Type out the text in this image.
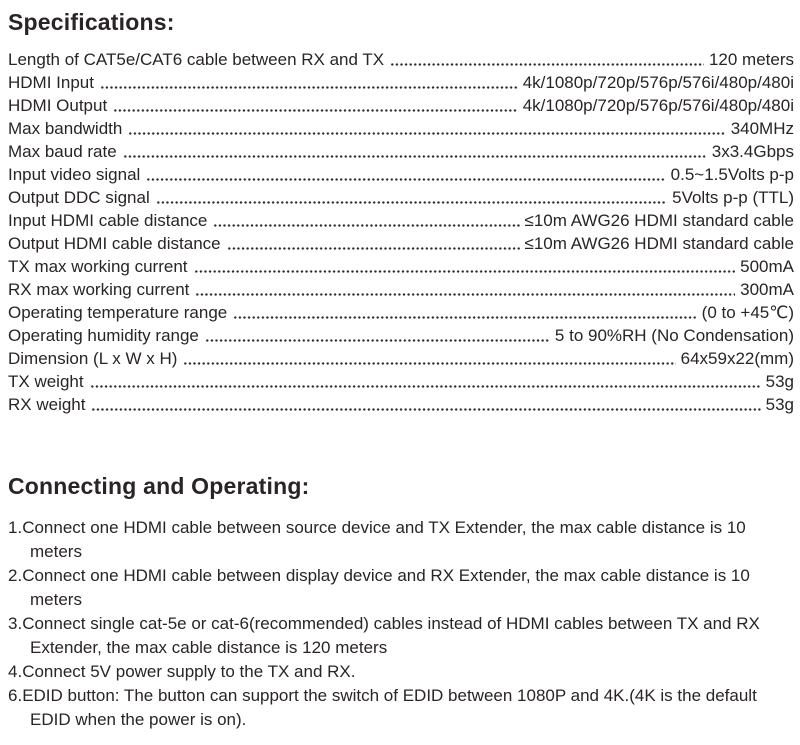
Specifications:
Length of CAT5e/CAT6 cable between RX and TX	120 meters
HDMI Input	4k/1080p/720p/576p/576i/480p/480i
HDMI Output	4k/1080p/720p/576p/576i/480p/480i
Max bandwidth	340MHz
Max baud rate	3x3.4Gbps
Input video signal	0.5~1.5Volts p-p
Output DDC signal	5Volts p-p (TTL)
Input HDMI cable distance	≤10m AWG26 HDMI standard cable
Output HDMI cable distance	≤10m AWG26 HDMI standard cable
TX max working current	500mA
RX max working current	300mA
Operating temperature range	(0 to +45℃)
Operating humidity range	5 to 90%RH (No Condensation)
Dimension (L x W x H)	64x59x22(mm)
TX weight	53g
RX weight	53g
Connecting and Operating:
1.Connect one HDMI cable between source device and TX Extender, the max cable distance is 10 meters
2.Connect one HDMI cable between display device and RX Extender, the max cable distance is 10 meters
3.Connect single cat-5e or cat-6(recommended) cables instead of HDMI cables between TX and RX Extender, the max cable distance is 120 meters
4.Connect 5V power supply to the TX and RX.
6.EDID button: The button can support the switch of EDID between 1080P and 4K.(4K is the default EDID when the power is on).
